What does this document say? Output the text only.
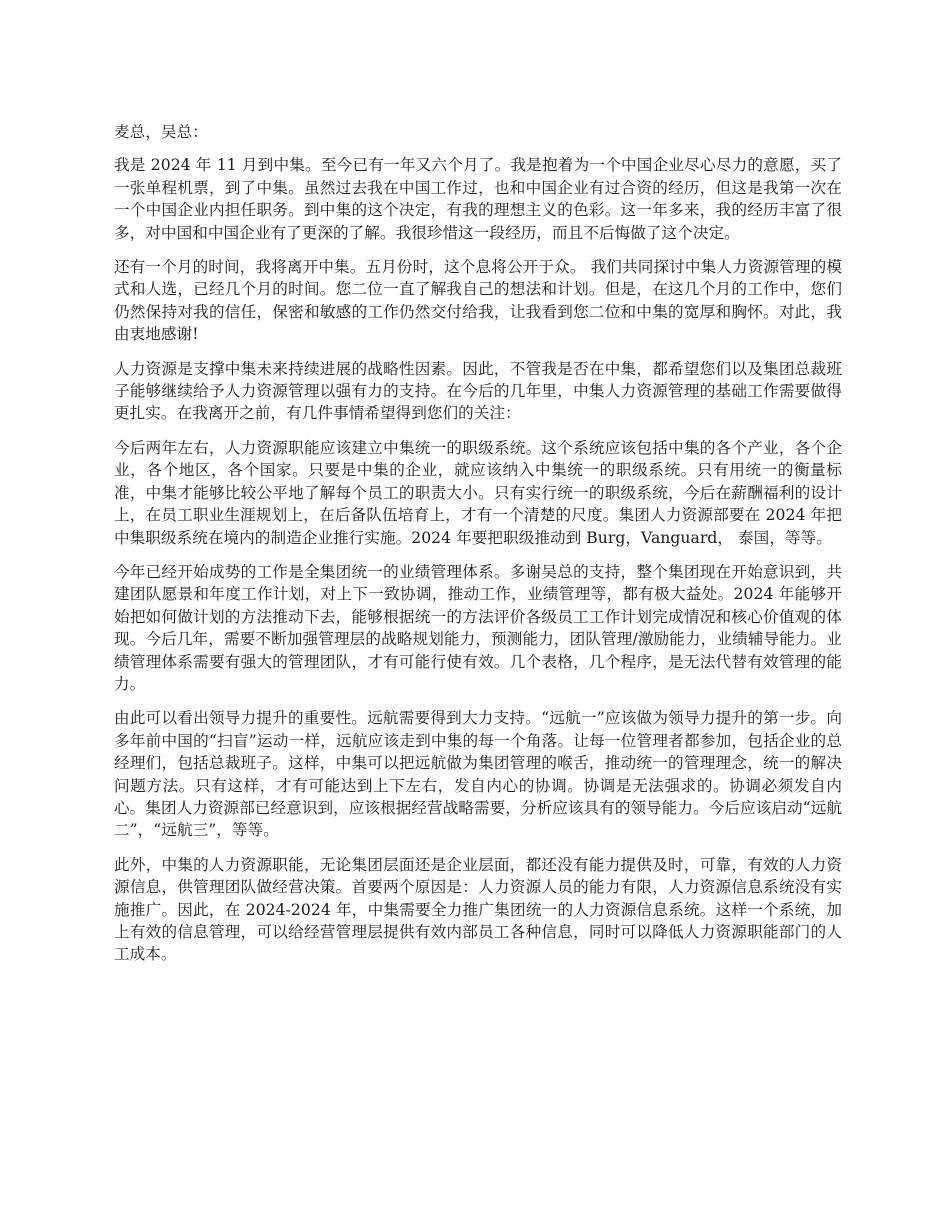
麦总，吴总：

我是 2024 年 11 月到中集。至今已有一年又六个月了。我是抱着为一个中国企业尽心尽力的意愿，买了一张单程机票，到了中集。虽然过去我在中国工作过，也和中国企业有过合资的经历，但这是我第一次在一个中国企业内担任职务。到中集的这个决定，有我的理想主义的色彩。这一年多来，我的经历丰富了很多，对中国和中国企业有了更深的了解。我很珍惜这一段经历，而且不后悔做了这个决定。

还有一个月的时间，我将离开中集。五月份时，这个息将公开于众。 我们共同探讨中集人力资源管理的模式和人选，已经几个月的时间。您二位一直了解我自己的想法和计划。但是，在这几个月的工作中，您们仍然保持对我的信任，保密和敏感的工作仍然交付给我，让我看到您二位和中集的宽厚和胸怀。对此，我由衷地感谢!

人力资源是支撑中集未来持续进展的战略性因素。因此，不管我是否在中集，都希望您们以及集团总裁班子能够继续给予人力资源管理以强有力的支持。在今后的几年里，中集人力资源管理的基础工作需要做得更扎实。在我离开之前，有几件事情希望得到您们的关注：

今后两年左右，人力资源职能应该建立中集统一的职级系统。这个系统应该包括中集的各个产业，各个企业，各个地区，各个国家。只要是中集的企业，就应该纳入中集统一的职级系统。只有用统一的衡量标准，中集才能够比较公平地了解每个员工的职责大小。只有实行统一的职级系统，今后在薪酬福利的设计上，在员工职业生涯规划上，在后备队伍培育上，才有一个清楚的尺度。集团人力资源部要在 2024 年把中集职级系统在境内的制造企业推行实施。2024 年要把职级推动到 Burg，Vanguard， 泰国，等等。

今年已经开始成势的工作是全集团统一的业绩管理体系。多谢吴总的支持，整个集团现在开始意识到，共建团队愿景和年度工作计划，对上下一致协调，推动工作，业绩管理等，都有极大益处。2024 年能够开始把如何做计划的方法推动下去，能够根据统一的方法评价各级员工工作计划完成情况和核心价值观的体现。今后几年，需要不断加强管理层的战略规划能力，预测能力，团队管理/激励能力，业绩辅导能力。业绩管理体系需要有强大的管理团队，才有可能行使有效。几个表格，几个程序，是无法代替有效管理的能力。

由此可以看出领导力提升的重要性。远航需要得到大力支持。“远航一”应该做为领导力提升的第一步。向多年前中国的“扫盲”运动一样，远航应该走到中集的每一个角落。让每一位管理者都参加，包括企业的总经理们，包括总裁班子。这样，中集可以把远航做为集团管理的喉舌，推动统一的管理理念，统一的解决问题方法。只有这样，才有可能达到上下左右，发自内心的协调。协调是无法强求的。协调必须发自内心。集团人力资源部已经意识到，应该根据经营战略需要，分析应该具有的领导能力。今后应该启动“远航二”，“远航三”，等等。

此外，中集的人力资源职能，无论集团层面还是企业层面，都还没有能力提供及时，可靠，有效的人力资源信息，供管理团队做经营决策。首要两个原因是：人力资源人员的能力有限，人力资源信息系统没有实施推广。因此，在 2024-2024 年，中集需要全力推广集团统一的人力资源信息系统。这样一个系统，加上有效的信息管理，可以给经营管理层提供有效内部员工各种信息，同时可以降低人力资源职能部门的人工成本。
